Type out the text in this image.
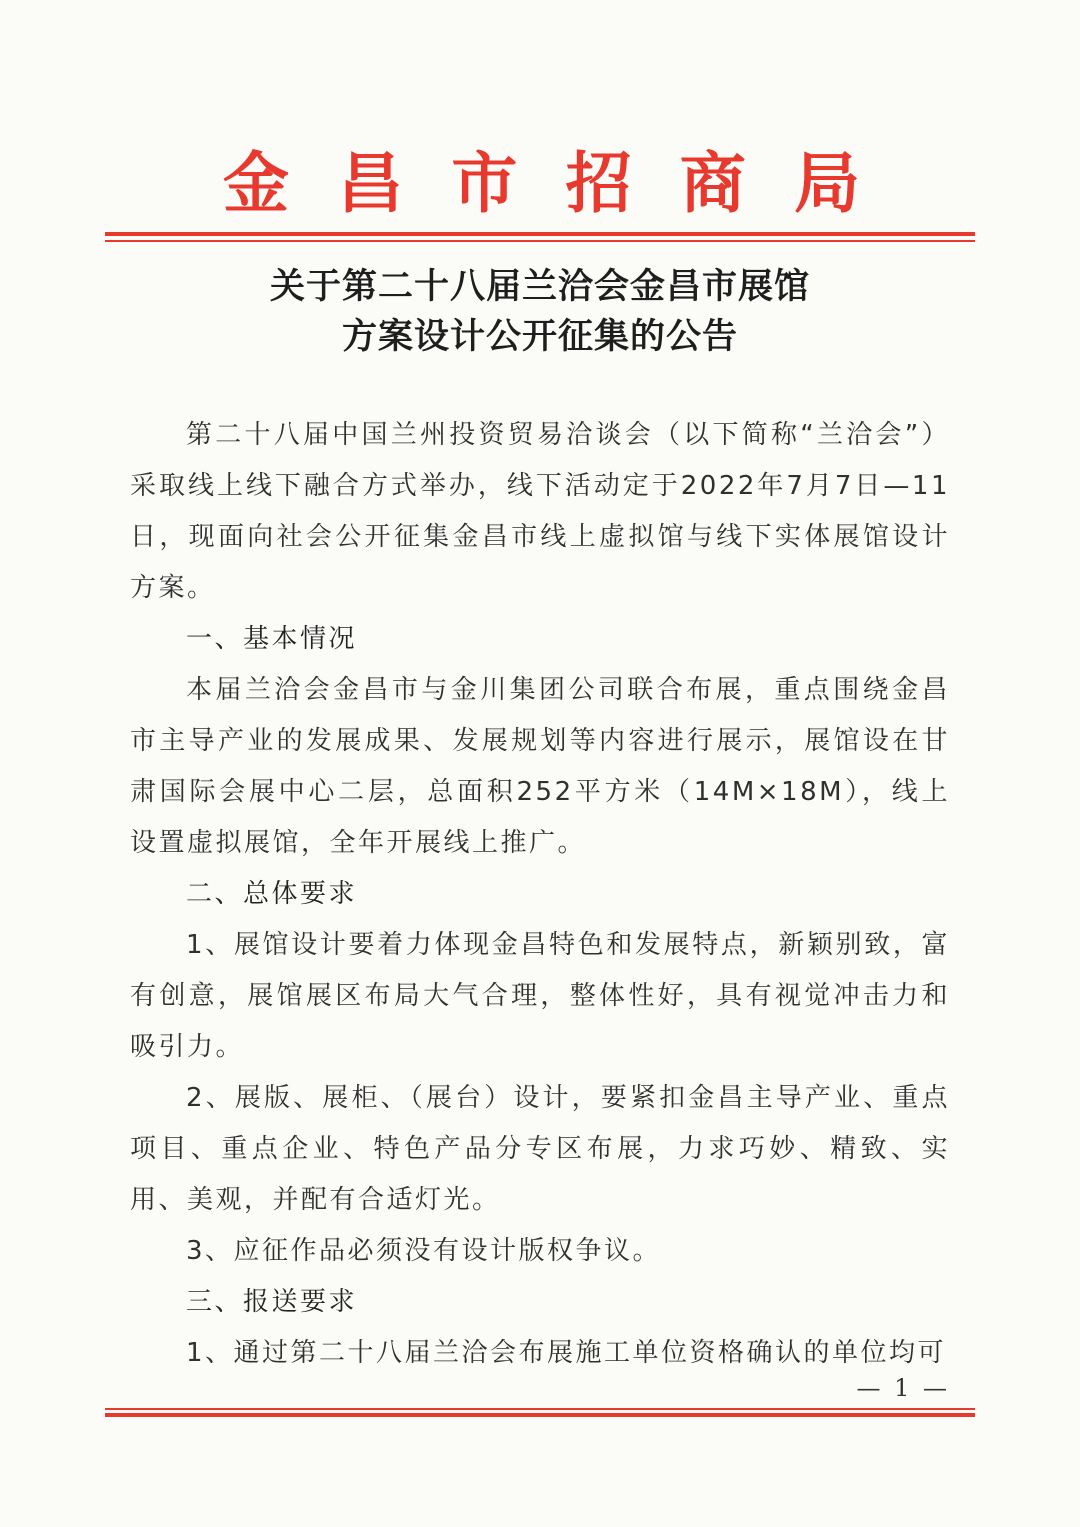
金 昌 市 招 商 局
关于第二十八届兰洽会金昌市展馆
方案设计公开征集的公告

第二十八届中国兰州投资贸易洽谈会（以下简称“兰洽会”）采取线上线下融合方式举办，线下活动定于2022年7月7日—11日，现面向社会公开征集金昌市线上虚拟馆与线下实体展馆设计方案。

一、基本情况

本届兰洽会金昌市与金川集团公司联合布展，重点围绕金昌市主导产业的发展成果、发展规划等内容进行展示，展馆设在甘肃国际会展中心二层，总面积252平方米（14M×18M），线上设置虚拟展馆，全年开展线上推广。

二、总体要求

1、展馆设计要着力体现金昌特色和发展特点，新颖别致，富有创意，展馆展区布局大气合理，整体性好，具有视觉冲击力和吸引力。

2、展版、展柜、（展台）设计，要紧扣金昌主导产业、重点项目、重点企业、特色产品分专区布展，力求巧妙、精致、实用、美观，并配有合适灯光。

3、应征作品必须没有设计版权争议。

三、报送要求

1、通过第二十八届兰洽会布展施工单位资格确认的单位均可

— 1 —
